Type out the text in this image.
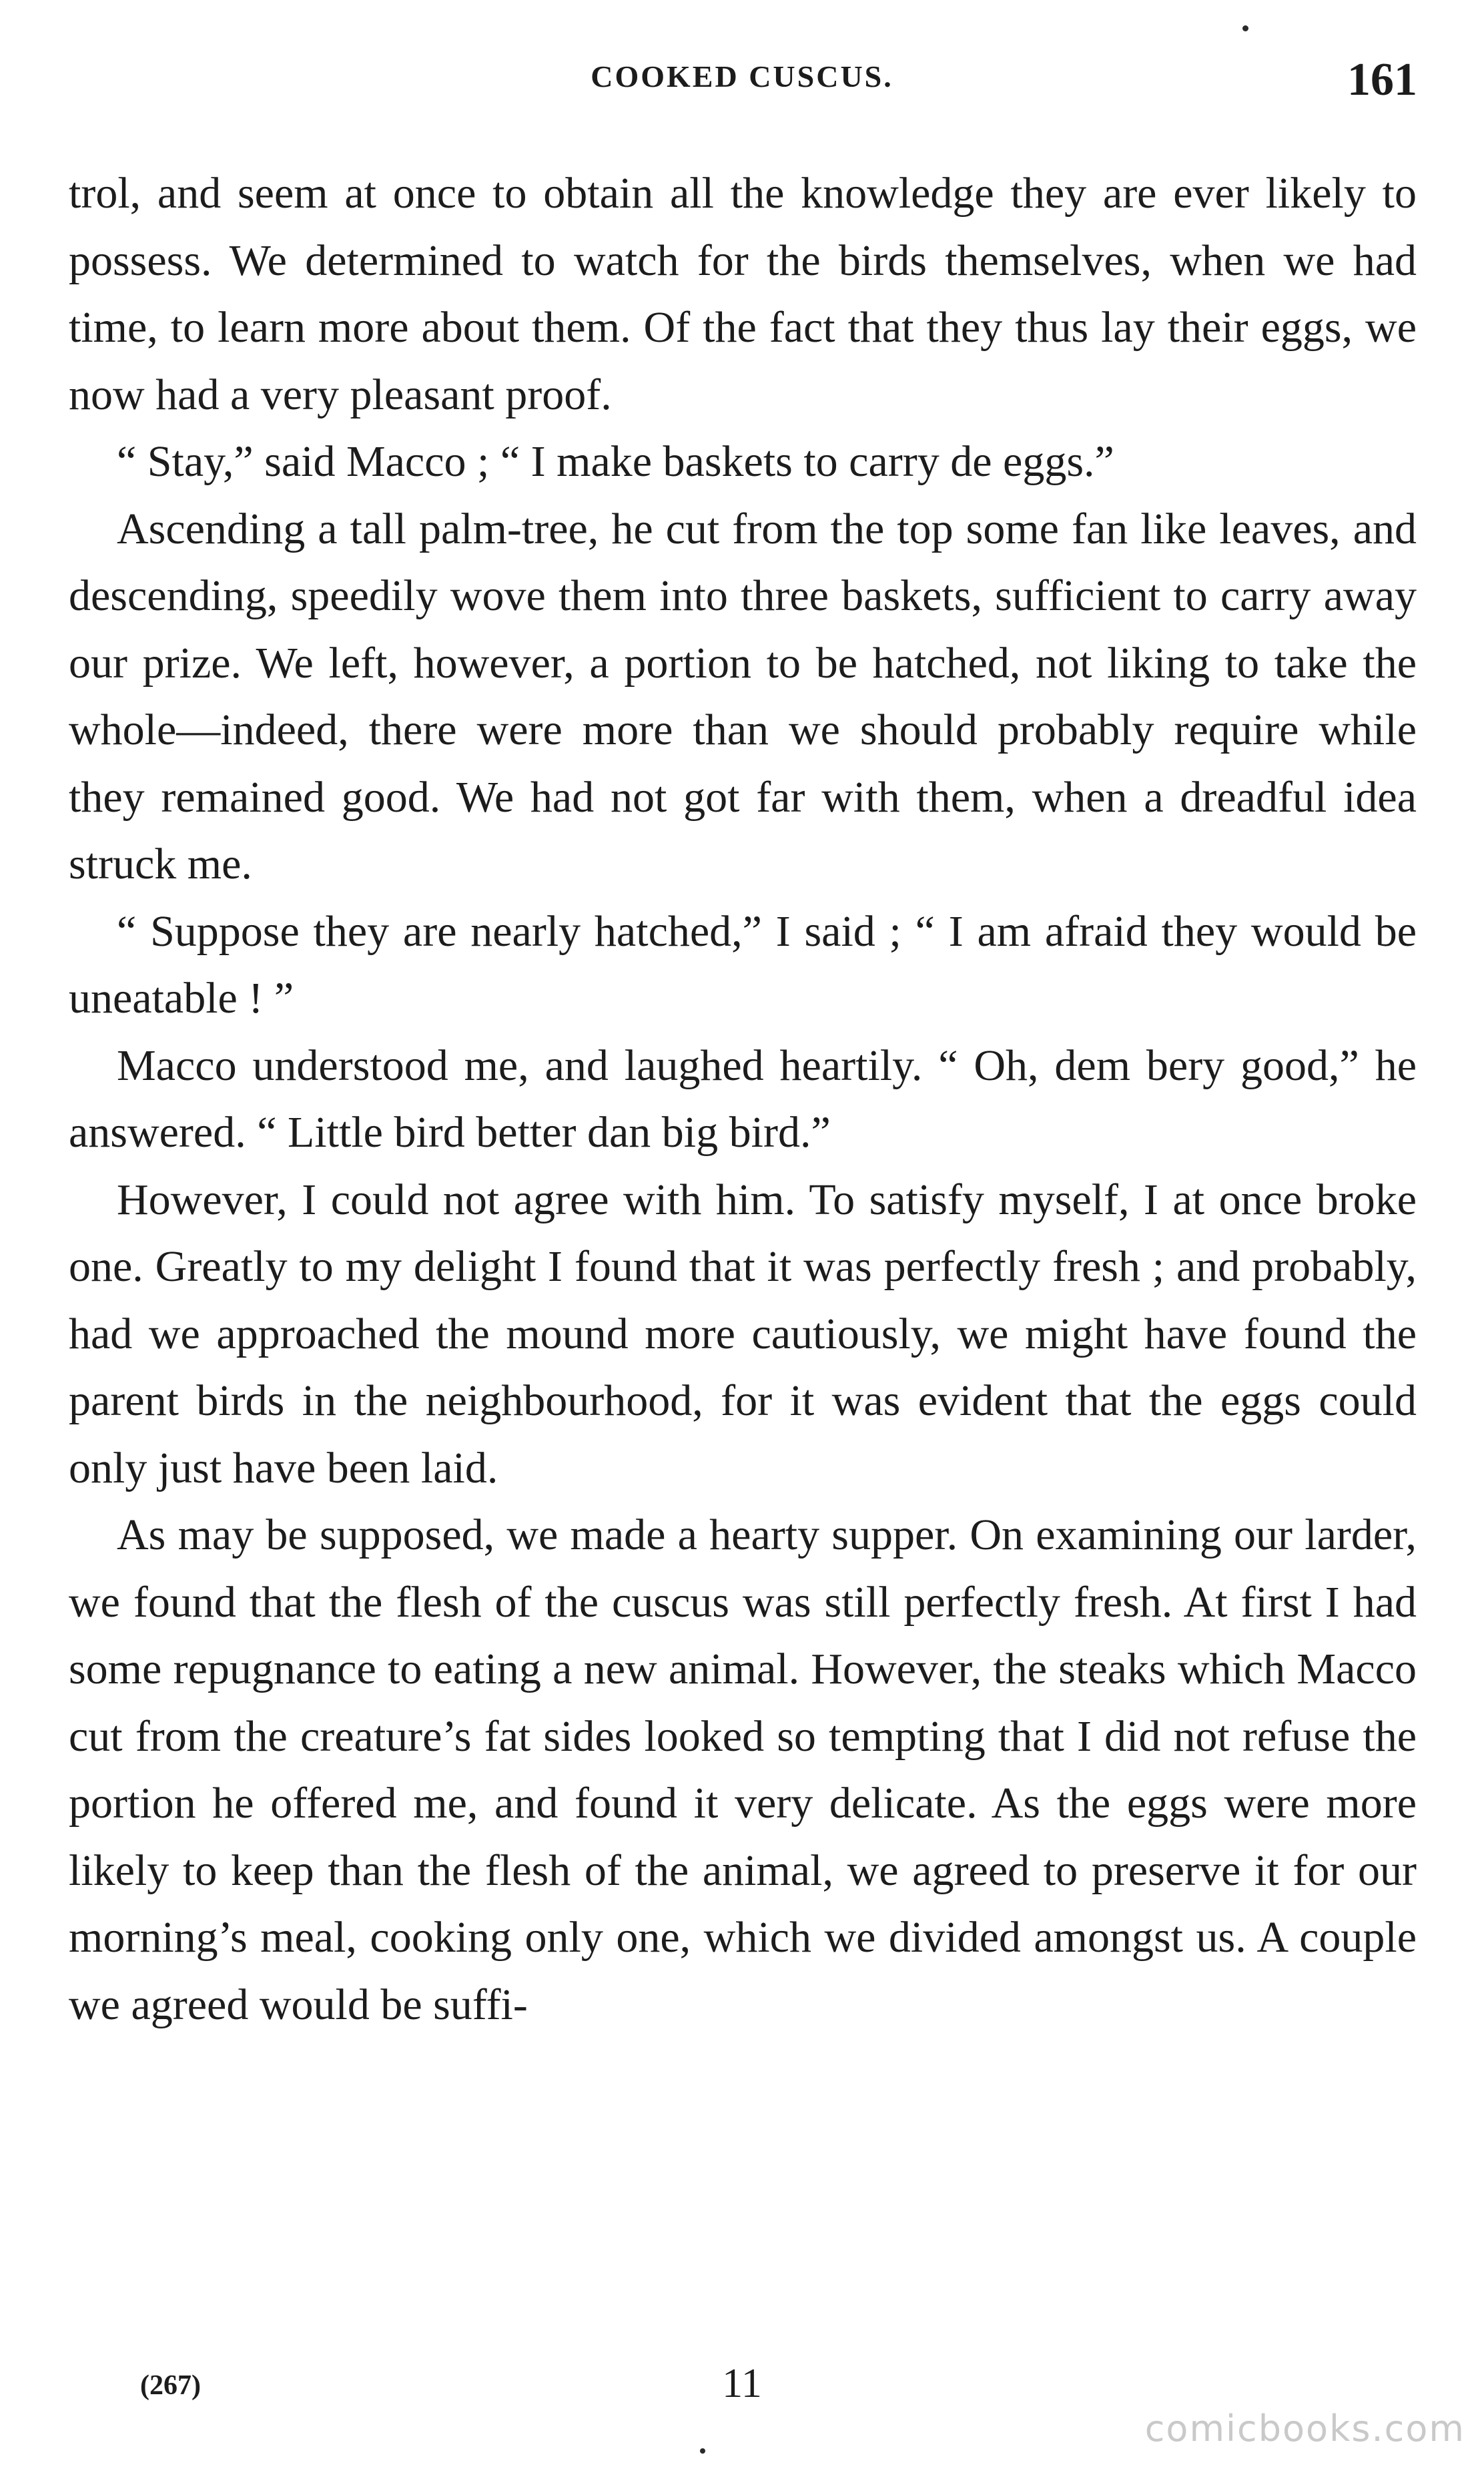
COOKED CUSCUS.	161

trol, and seem at once to obtain all the knowledge they are ever likely to possess. We determined to watch for the birds themselves, when we had time, to learn more about them. Of the fact that they thus lay their eggs, we now had a very pleasant proof.

“ Stay,” said Macco ; “ I make baskets to carry de eggs.”

Ascending a tall palm-tree, he cut from the top some fan like leaves, and descending, speedily wove them into three baskets, sufficient to carry away our prize. We left, however, a portion to be hatched, not liking to take the whole—indeed, there were more than we should probably require while they remained good. We had not got far with them, when a dreadful idea struck me.

“ Suppose they are nearly hatched,” I said ; “ I am afraid they would be uneatable ! ”

Macco understood me, and laughed heartily. “ Oh, dem bery good,” he answered. “ Little bird better dan big bird.”

However, I could not agree with him. To satisfy myself, I at once broke one. Greatly to my delight I found that it was perfectly fresh ; and probably, had we approached the mound more cautiously, we might have found the parent birds in the neighbourhood, for it was evident that the eggs could only just have been laid.

As may be supposed, we made a hearty supper. On examining our larder, we found that the flesh of the cuscus was still perfectly fresh. At first I had some repugnance to eating a new animal. However, the steaks which Macco cut from the creature’s fat sides looked so tempting that I did not refuse the portion he offered me, and found it very delicate. As the eggs were more likely to keep than the flesh of the animal, we agreed to preserve it for our morning’s meal, cooking only one, which we divided amongst us. A couple we agreed would be suffi-

(267)	11
comicbooks.com
